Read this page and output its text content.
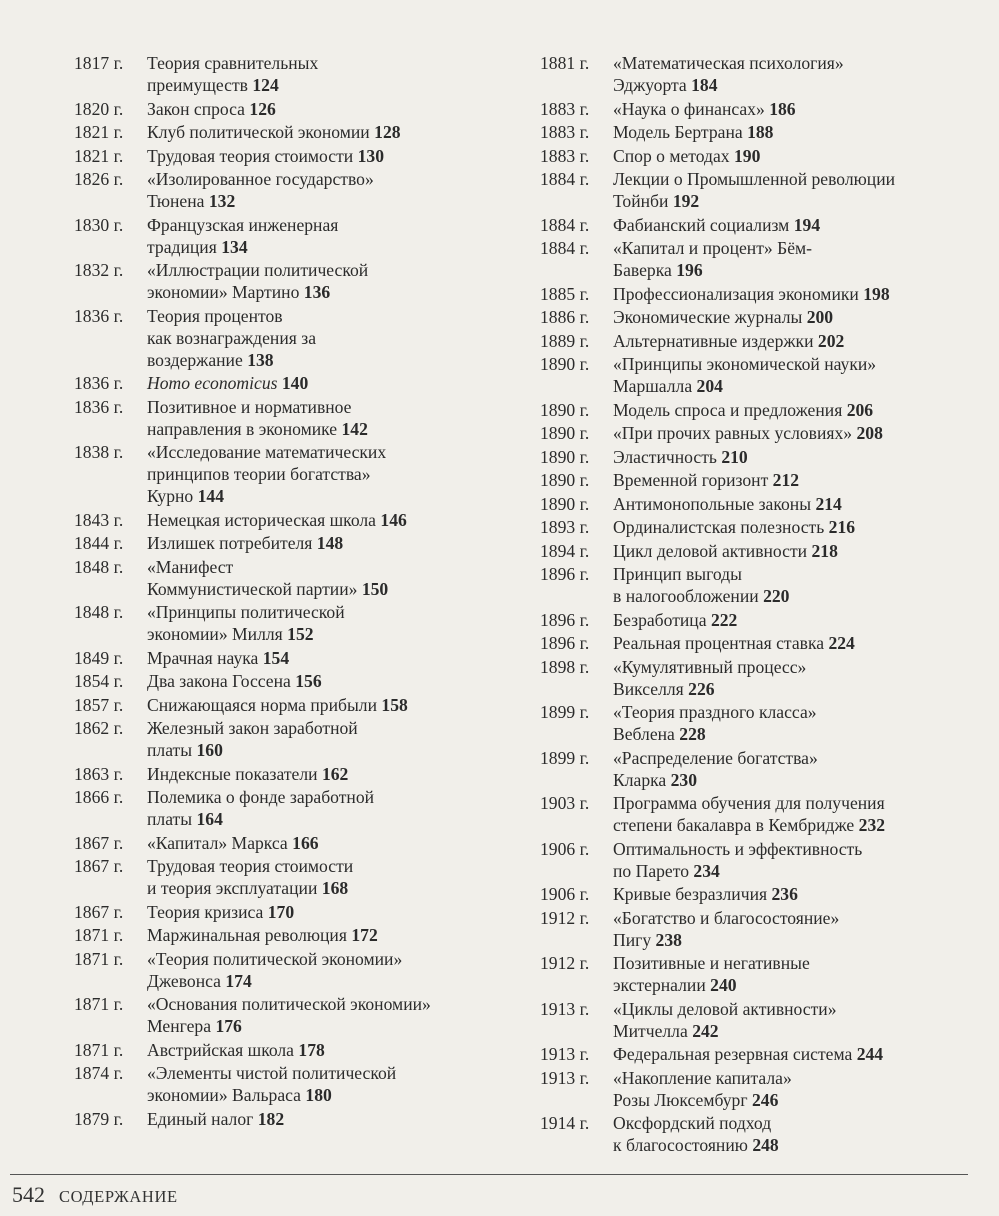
1817 г.	Теория сравнительных
преимуществ 124
1820 г.	Закон спроса 126
1821 г.	Клуб политической экономии 128
1821 г.	Трудовая теория стоимости 130
1826 г.	«Изолированное государство»
Тюнена 132
1830 г.	Французская инженерная
традиция 134
1832 г.	«Иллюстрации политической
экономии» Мартино 136
1836 г.	Теория процентов
как вознаграждения за
воздержание 138
1836 г.	Homo economicus 140
1836 г.	Позитивное и нормативное
направления в экономике 142
1838 г.	«Исследование математических
принципов теории богатства»
Курно 144
1843 г.	Немецкая историческая школа 146
1844 г.	Излишек потребителя 148
1848 г.	«Манифест
Коммунистической партии» 150
1848 г.	«Принципы политической
экономии» Милля 152
1849 г.	Мрачная наука 154
1854 г.	Два закона Госсена 156
1857 г.	Снижающаяся норма прибыли 158
1862 г.	Железный закон заработной
платы 160
1863 г.	Индексные показатели 162
1866 г.	Полемика о фонде заработной
платы 164
1867 г.	«Капитал» Маркса 166
1867 г.	Трудовая теория стоимости
и теория эксплуатации 168
1867 г.	Теория кризиса 170
1871 г.	Маржинальная революция 172
1871 г.	«Теория политической экономии»
Джевонса 174
1871 г.	«Основания политической экономии»
Менгера 176
1871 г.	Австрийская школа 178
1874 г.	«Элементы чистой политической
экономии» Вальраса 180
1879 г.	Единый налог 182
1881 г.	«Математическая психология»
Эджуорта 184
1883 г.	«Наука о финансах» 186
1883 г.	Модель Бертрана 188
1883 г.	Спор о методах 190
1884 г.	Лекции о Промышленной революции
Тойнби 192
1884 г.	Фабианский социализм 194
1884 г.	«Капитал и процент» Бём-
Баверка 196
1885 г.	Профессионализация экономики 198
1886 г.	Экономические журналы 200
1889 г.	Альтернативные издержки 202
1890 г.	«Принципы экономической науки»
Маршалла 204
1890 г.	Модель спроса и предложения 206
1890 г.	«При прочих равных условиях» 208
1890 г.	Эластичность 210
1890 г.	Временной горизонт 212
1890 г.	Антимонопольные законы 214
1893 г.	Ординалистская полезность 216
1894 г.	Цикл деловой активности 218
1896 г.	Принцип выгоды
в налогообложении 220
1896 г.	Безработица 222
1896 г.	Реальная процентная ставка 224
1898 г.	«Кумулятивный процесс»
Викселля 226
1899 г.	«Теория праздного класса»
Веблена 228
1899 г.	«Распределение богатства»
Кларка 230
1903 г.	Программа обучения для получения
степени бакалавра в Кембридже 232
1906 г.	Оптимальность и эффективность
по Парето 234
1906 г.	Кривые безразличия 236
1912 г.	«Богатство и благосостояние»
Пигу 238
1912 г.	Позитивные и негативные
экстерналии 240
1913 г.	«Циклы деловой активности»
Митчелла 242
1913 г.	Федеральная резервная система 244
1913 г.	«Накопление капитала»
Розы Люксембург 246
1914 г.	Оксфордский подход
к благосостоянию 248
542 СОДЕРЖАНИЕ
